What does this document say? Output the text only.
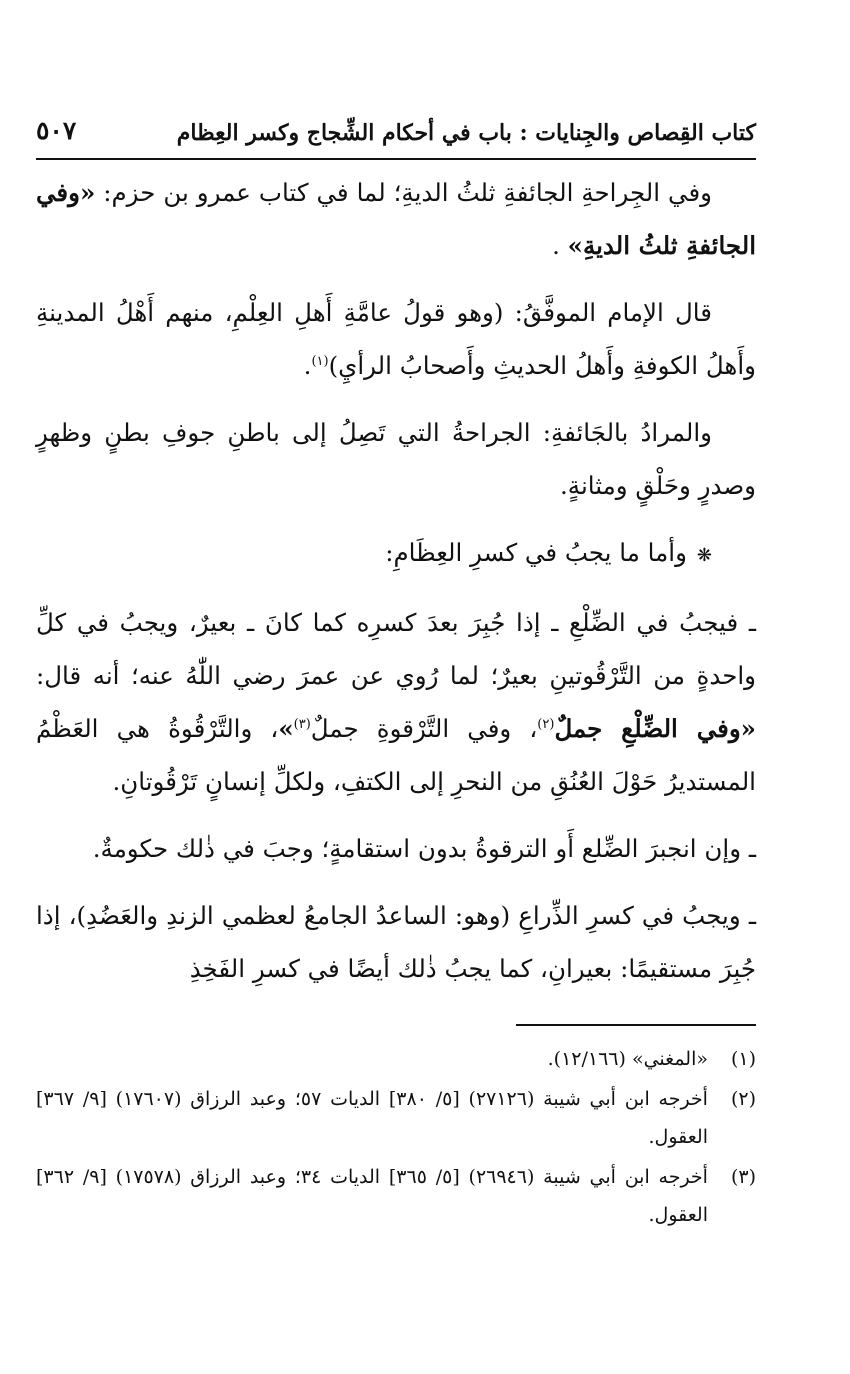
كتاب القِصاص والجِنايات : باب في أحكام الشِّجاج وكسر العِظام
٥٠٧

وفي الجِراحةِ الجائفةِ ثلثُ الديةِ؛ لما في كتاب عمرو بن حزم: «وفي الجائفةِ ثلثُ الديةِ» .

قال الإمام الموفَّقُ: (وهو قولُ عامَّةِ أَهلِ العِلْمِ، منهم أَهْلُ المدينةِ وأَهلُ الكوفةِ وأَهلُ الحديثِ وأَصحابُ الرأيِ)$^{(١)}$.

والمرادُ بالجَائفةِ: الجراحةُ التي تَصِلُ إلى باطنِ جوفِ بطنٍ وظهرٍ وصدرٍ وحَلْقٍ ومثانةٍ.

❋وأما ما يجبُ في كسرِ العِظَامِ:

ـ فيجبُ في الضِّلْعِ ـ إذا جُبِرَ بعدَ كسرِه كما كانَ ـ بعيرٌ، ويجبُ في كلِّ واحدةٍ من التَّرْقُوتينِ بعيرٌ؛ لما رُوي عن عمرَ رضي اللّٰهُ عنه؛ أنه قال: «وفي الضِّلْعِ جملٌ$^{(٢)}$، وفي التَّرْقوةِ جملٌ$^{(٣)}$»، والتَّرْقُوةُ هي العَظْمُ المستديرُ حَوْلَ العُنُقِ من النحرِ إلى الكتفِ، ولكلِّ إنسانٍ تَرْقُوتانِ.

ـ وإن انجبرَ الضِّلع أَو الترقوةُ بدون استقامةٍ؛ وجبَ في ذٰلك حكومةٌ.

ـ ويجبُ في كسرِ الذِّراعِ (وهو: الساعدُ الجامعُ لعظمي الزندِ والعَضُدِ)، إذا جُبِرَ مستقيمًا: بعيرانِ، كما يجبُ ذٰلك أيضًا في كسرِ الفَخِذِ

(١)
«المغني» (١٢/١٦٦).

(٢)
أخرجه ابن أبي شيبة (٢٧١٢٦) [٥/ ٣٨٠] الديات ٥٧؛ وعبد الرزاق (١٧٦٠٧) [٩/ ٣٦٧] العقول.

(٣)
أخرجه ابن أبي شيبة (٢٦٩٤٦) [٥/ ٣٦٥] الديات ٣٤؛ وعبد الرزاق (١٧٥٧٨) [٩/ ٣٦٢] العقول.
